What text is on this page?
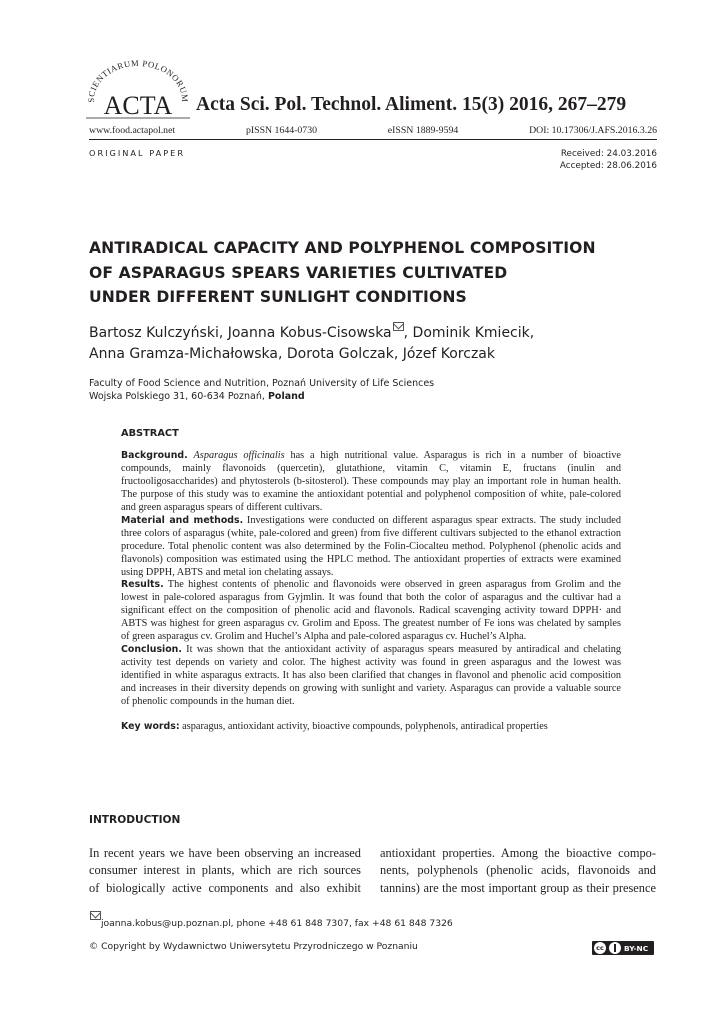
SCIENTIARUM POLONORUM
ACTA Acta Sci. Pol. Technol. Aliment. 15(3) 2016, 267–279
www.food.actapol.net	pISSN 1644-0730	eISSN 1889-9594	DOI: 10.17306/J.AFS.2016.3.26
ORIGINAL PAPER	Received: 24.03.2016
Accepted: 28.06.2016
ANTIRADICAL CAPACITY AND POLYPHENOL COMPOSITION
OF ASPARAGUS SPEARS VARIETIES CULTIVATED
UNDER DIFFERENT SUNLIGHT CONDITIONS
Bartosz Kulczyński, Joanna Kobus-Cisowska , Dominik Kmiecik,
Anna Gramza-Michałowska, Dorota Golczak, Józef Korczak
Faculty of Food Science and Nutrition, Poznań University of Life Sciences
Wojska Polskiego 31, 60-634 Poznań, Poland
ABSTRACT

Background. Asparagus officinalis has a high nutritional value. Asparagus is rich in a number of bioactive compounds, mainly flavonoids (quercetin), glutathione, vitamin C, vitamin E, fructans (inulin and fructooligosaccharides) and phytosterols (b-sitosterol). These compounds may play an important role in human health. The purpose of this study was to examine the antioxidant potential and polyphenol composition of white, pale-colored and green asparagus spears of different cultivars.

Material and methods. Investigations were conducted on different asparagus spear extracts. The study included three colors of asparagus (white, pale-colored and green) from five different cultivars subjected to the ethanol extraction procedure. Total phenolic content was also determined by the Folin-Ciocalteu method. Polyphenol (phenolic acids and flavonols) composition was estimated using the HPLC method. The antioxidant properties of extracts were examined using DPPH, ABTS and metal ion chelating assays.

Results. The highest contents of phenolic and flavonoids were observed in green asparagus from Grolim and the lowest in pale-colored asparagus from Gyjmlin. It was found that both the color of asparagus and the cultivar had a significant effect on the composition of phenolic acid and flavonols. Radical scavenging activity toward DPPH· and ABTS was highest for green asparagus cv. Grolim and Eposs. The greatest number of Fe ions was chelated by samples of green asparagus cv. Grolim and Huchel’s Alpha and pale-colored asparagus cv. Huchel’s Alpha.

Conclusion. It was shown that the antioxidant activity of asparagus spears measured by antiradical and chelating activity test depends on variety and color. The highest activity was found in green asparagus and the lowest was identified in white asparagus extracts. It has also been clarified that changes in flavonol and phenolic acid composition and increases in their diversity depends on growing with sunlight and variety. Asparagus can provide a valuable source of phenolic compounds in the human diet.

Key words: asparagus, antioxidant activity, bioactive compounds, polyphenols, antiradical properties

INTRODUCTION
In recent years we have been observing an increased
consumer interest in plants, which are rich sources
of biologically active components and also exhibit
antioxidant properties. Among the bioactive compo-
nents, polyphenols (phenolic acids, flavonoids and
tannins) are the most important group as their presence
joanna.kobus@up.poznan.pl, phone +48 61 848 7307, fax +48 61 848 7326
© Copyright by Wydawnictwo Uniwersytetu Przyrodniczego w Poznaniu	cc	BY-NC
